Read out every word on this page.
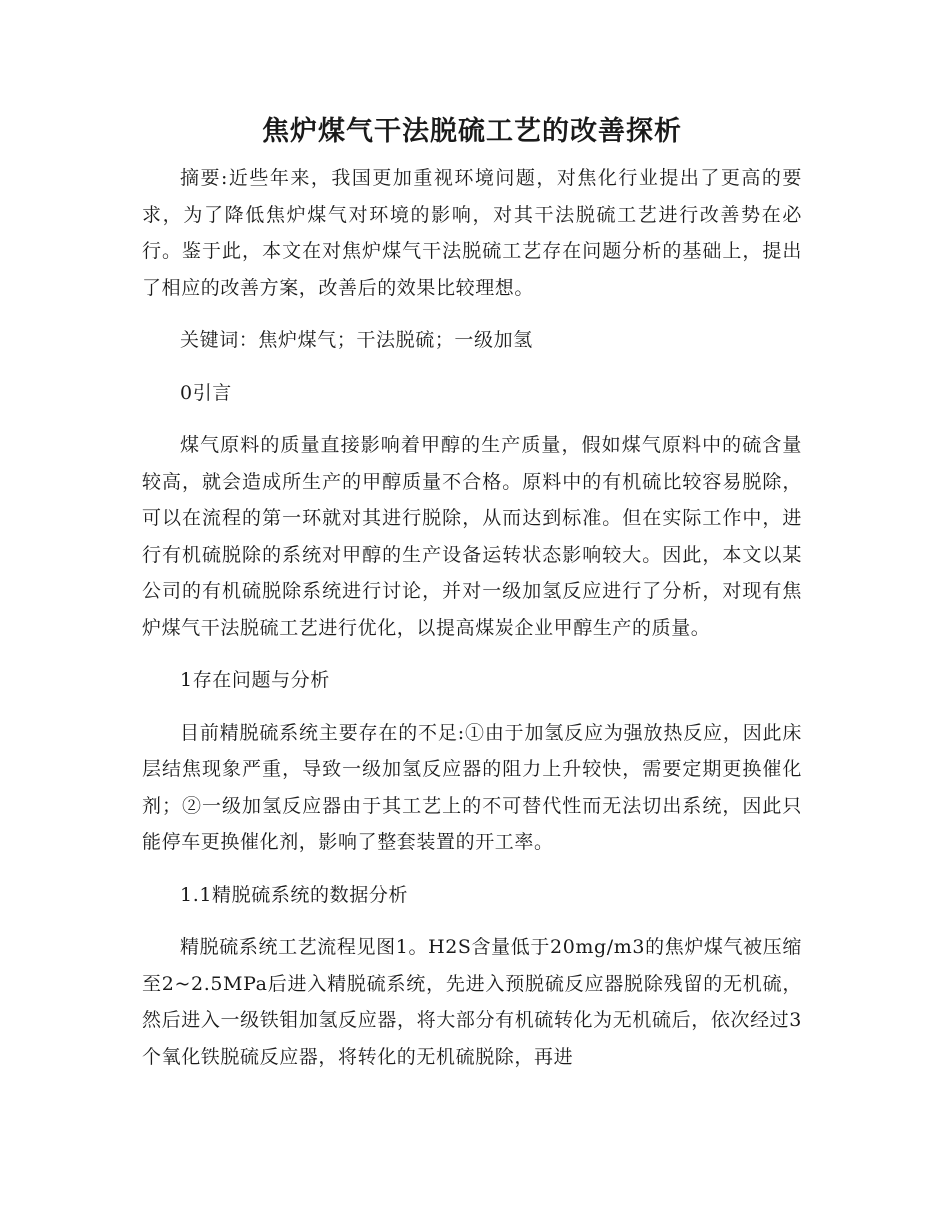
焦炉煤气干法脱硫工艺的改善探析

摘要:近些年来，我国更加重视环境问题，对焦化行业提出了更高的要求，为了降低焦炉煤气对环境的影响，对其干法脱硫工艺进行改善势在必行。鉴于此，本文在对焦炉煤气干法脱硫工艺存在问题分析的基础上，提出了相应的改善方案，改善后的效果比较理想。

关键词：焦炉煤气；干法脱硫；一级加氢

0引言

煤气原料的质量直接影响着甲醇的生产质量，假如煤气原料中的硫含量较高，就会造成所生产的甲醇质量不合格。原料中的有机硫比较容易脱除，可以在流程的第一环就对其进行脱除，从而达到标准。但在实际工作中，进行有机硫脱除的系统对甲醇的生产设备运转状态影响较大。因此，本文以某公司的有机硫脱除系统进行讨论，并对一级加氢反应进行了分析，对现有焦炉煤气干法脱硫工艺进行优化，以提高煤炭企业甲醇生产的质量。

1存在问题与分析

目前精脱硫系统主要存在的不足:①由于加氢反应为强放热反应，因此床层结焦现象严重，导致一级加氢反应器的阻力上升较快，需要定期更换催化剂；②一级加氢反应器由于其工艺上的不可替代性而无法切出系统，因此只能停车更换催化剂，影响了整套装置的开工率。

1.1精脱硫系统的数据分析

精脱硫系统工艺流程见图1。H2S含量低于20mg/m3的焦炉煤气被压缩至2~2.5MPa后进入精脱硫系统，先进入预脱硫反应器脱除残留的无机硫，然后进入一级铁钼加氢反应器，将大部分有机硫转化为无机硫后，依次经过3个氧化铁脱硫反应器，将转化的无机硫脱除，再进
